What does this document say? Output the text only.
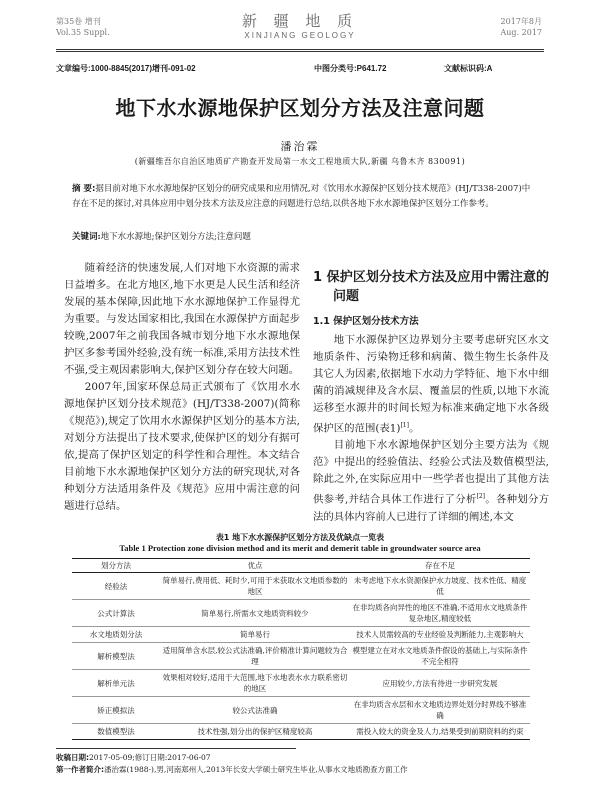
第35卷 增刊
Vol.35 Suppl.
新 疆 地 质
XINJIANG GEOLOGY
2017年8月
Aug. 2017
文章编号:1000-8845(2017)增刊-091-02	中图分类号:P641.72	文献标识码:A
地下水水源地保护区划分方法及注意问题
潘治霖
(新疆维吾尔自治区地质矿产勘查开发局第一水文工程地质大队,新疆 乌鲁木齐 830091)
摘 要:据目前对地下水水源地保护区划分的研究成果和应用情况,对《饮用水水源保护区划分技术规范》(HJ/T338-2007)中存在不足的探讨,对具体应用中划分技术方法及应注意的问题进行总结,以供各地下水水源地保护区划分工作参考。
关键词:地下水水源地;保护区划分方法;注意问题

随着经济的快速发展,人们对地下水资源的需求日益增多。在北方地区,地下水更是人民生活和经济发展的基本保障,因此地下水水源地保护工作显得尤为重要。与发达国家相比,我国在水源保护方面起步较晚,2007年之前我国各城市划分地下水水源地保护区多参考国外经验,没有统一标准,采用方法技术性不强,受主观因素影响大,保护区划分存在较大问题。

2007年,国家环保总局正式颁布了《饮用水水源地保护区划分技术规范》(HJ/T338-2007)(简称《规范》),规定了饮用水水源保护区划分的基本方法,对划分方法提出了技术要求,使保护区的划分有据可依,提高了保护区划定的科学性和合理性。本文结合目前地下水水源地保护区划分方法的研究现状,对各种划分方法适用条件及《规范》应用中需注意的问题进行总结。

1 保护区划分技术方法及应用中需注意的问题
1.1 保护区划分技术方法

地下水源保护区边界划分主要考虑研究区水文地质条件、污染物迁移和病菌、微生物生长条件及其它人为因素,依据地下水动力学特征、地下水中细菌的消减规律及含水层、覆盖层的性质,以地下水流运移至水源井的时间长短为标准来确定地下水各级保护区的范围(表1)[1]。

目前地下水水源地保护区划分主要方法为《规范》中提出的经验值法、经验公式法及数值模型法,除此之外,在实际应用中一些学者也提出了其他方法供参考,并结合具体工作进行了分析[2]。各种划分方法的具体内容前人已进行了详细的阐述,本文

表1 地下水水源保护区划分方法及优缺点一览表
Table 1 Protection zone division method and its merit and demerit table in groundwater source area
划分方法	优点	存在不足
经验法	简单易行,费用低、耗时少,可用于未获取水文地质参数的地区	未考虑地下水水资源保护水力坡度、技术性低、精度低
公式计算法	简单易行,所需水文地质资料较少	在非均质各向异性的地区不准确,不适用水文地质条件复杂地区,精度较低
水文地质划分法	简单易行	技术人员需较高的专业经验及判断能力,主观影响大
解析模型法	适用简单含水层,较公式法准确,评价精准计算问题较为合理	模型建立在对水文地质条件假设的基础上,与实际条件不完全相符
解析单元法	效果相对较好,适用于大范围,地下水地表水水力联系密切的地区	应用较少,方法有待进一步研究发展
矫正模拟法	较公式法准确	在非均质含水层和水文地质边界处划分时界线不够准确
数值模型法	技术性强,划分出的保护区精度较高	需投入较大的资金及人力,结果受到前期资料的约束
收稿日期:2017-05-09;修订日期:2017-06-07
第一作者简介:潘治霖(1988-),男,河南郑州人,2013年长安大学硕士研究生毕业,从事水文地质勘查方面工作
